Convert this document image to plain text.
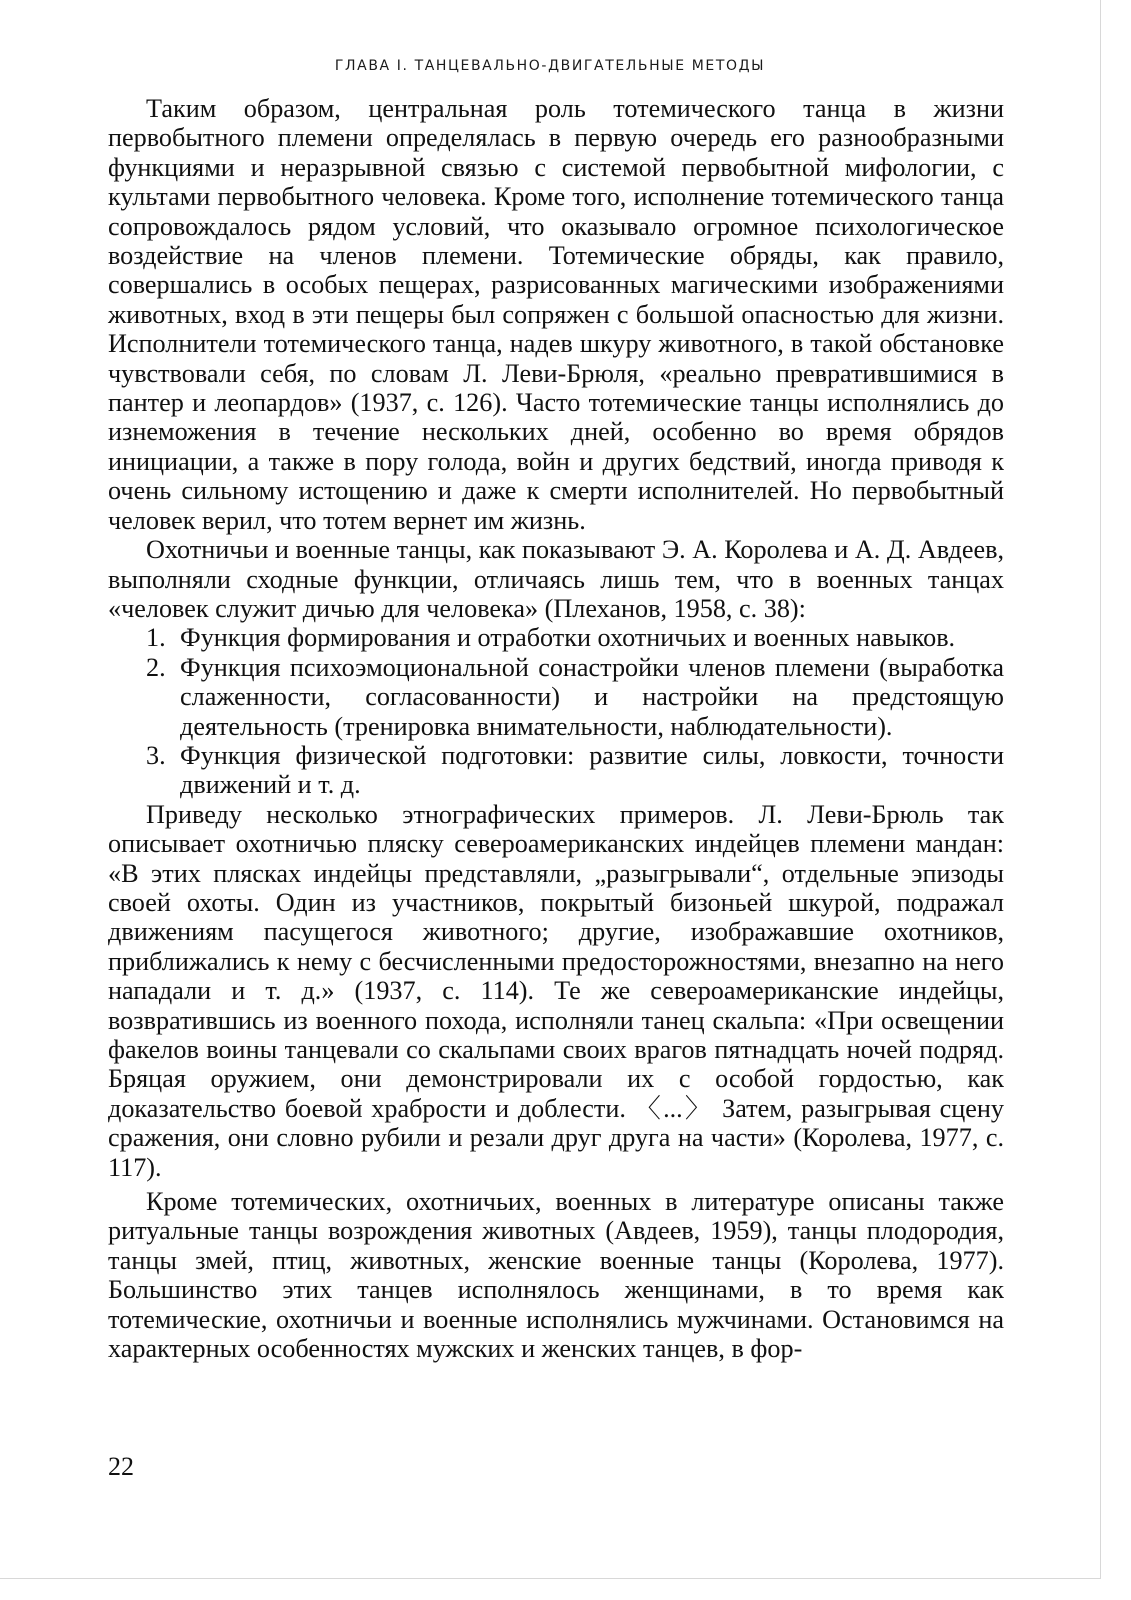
ГЛАВА I. ТАНЦЕВАЛЬНО-ДВИГАТЕЛЬНЫЕ МЕТОДЫ

Таким образом, центральная роль тотемического танца в жизни первобытного племени определялась в первую очередь его разнообразными функциями и неразрывной связью с системой первобытной мифологии, с культами первобытного человека. Кроме того, исполнение тотемического танца сопровождалось рядом условий, что оказывало огромное психологическое воздействие на членов племени. Тотемические обряды, как правило, совершались в особых пещерах, разрисованных магическими изображениями животных, вход в эти пещеры был сопряжен с большой опасностью для жизни. Исполнители тотемического танца, надев шкуру животного, в такой обстановке чувствовали себя, по словам Л. Леви-Брюля, «реально превратившимися в пантер и леопардов» (1937, с. 126). Часто тотемические танцы исполнялись до изнеможения в течение нескольких дней, особенно во время обрядов инициации, а также в пору голода, войн и других бедствий, иногда приводя к очень сильному истощению и даже к смерти исполнителей. Но первобытный человек верил, что тотем вернет им жизнь.

Охотничьи и военные танцы, как показывают Э. А. Королева и А. Д. Авдеев, выполняли сходные функции, отличаясь лишь тем, что в военных танцах «человек служит дичью для человека» (Плеханов, 1958, с. 38):

1. Функция формирования и отработки охотничьих и военных навыков.
2. Функция психоэмоциональной сонастройки членов племени (выработка слаженности, согласованности) и настройки на предстоящую деятельность (тренировка внимательности, наблюдательности).
3. Функция физической подготовки: развитие силы, ловкости, точности движений и т. д.

Приведу несколько этнографических примеров. Л. Леви-Брюль так описывает охотничью пляску североамериканских индейцев племени мандан: «В этих плясках индейцы представляли, „разыгрывали“, отдельные эпизоды своей охоты. Один из участников, покрытый бизоньей шкурой, подражал движениям пасущегося животного; другие, изображавшие охотников, приближались к нему с бесчисленными предосторожностями, внезапно на него нападали и т. д.» (1937, с. 114). Те же североамериканские индейцы, возвратившись из военного похода, исполняли танец скальпа: «При освещении факелов воины танцевали со скальпами своих врагов пятнадцать ночей подряд. Бряцая оружием, они демонстрировали их с особой гордостью, как доказательство боевой храбрости и доблести. 〈...〉 Затем, разыгрывая сцену сражения, они словно рубили и резали друг друга на части» (Королева, 1977, с. 117).

Кроме тотемических, охотничьих, военных в литературе описаны также ритуальные танцы возрождения животных (Авдеев, 1959), танцы плодородия, танцы змей, птиц, животных, женские военные танцы (Королева, 1977). Большинство этих танцев исполнялось женщинами, в то время как тотемические, охотничьи и военные исполнялись мужчинами. Остановимся на характерных особенностях мужских и женских танцев, в фор-

22
